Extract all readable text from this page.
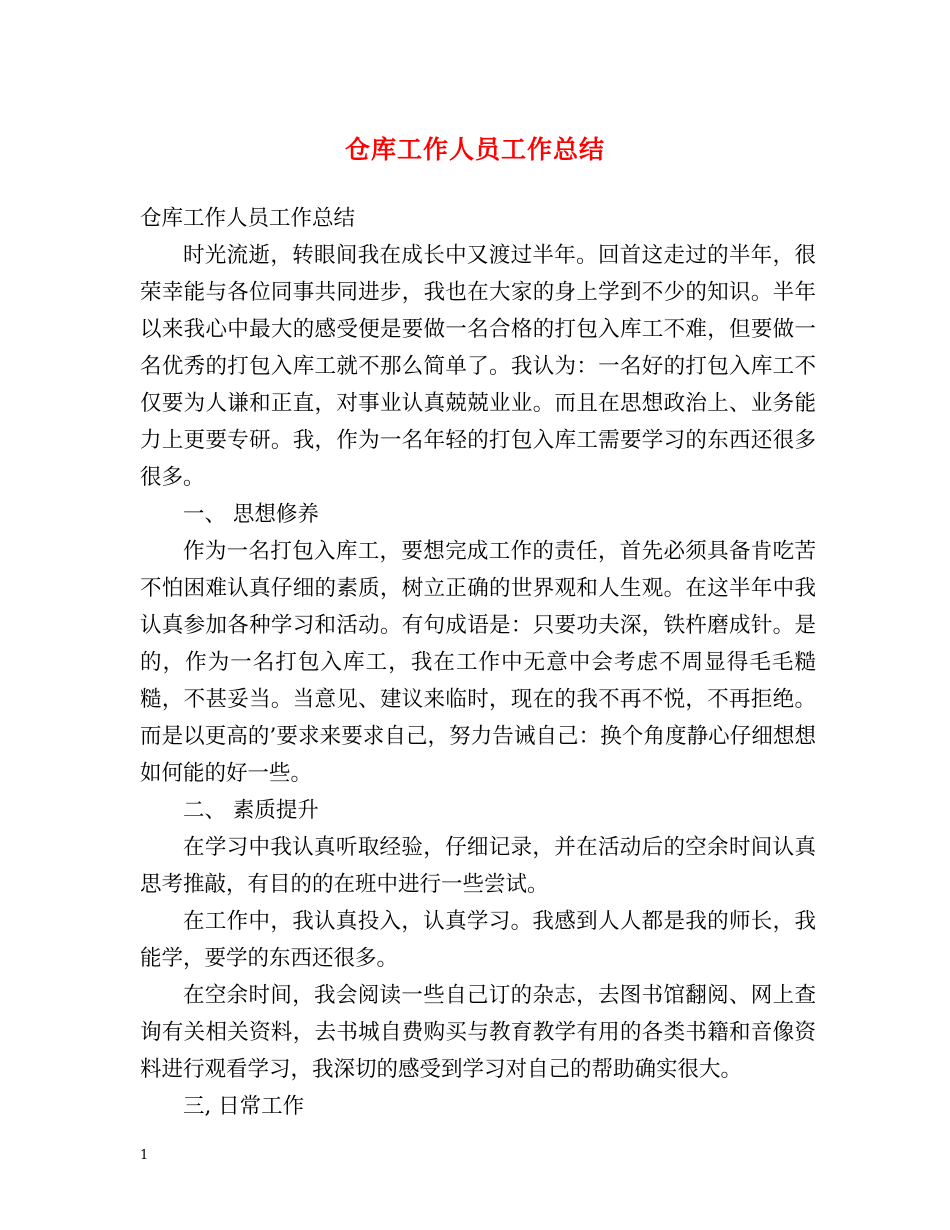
仓库工作人员工作总结

仓库工作人员工作总结

时光流逝，转眼间我在成长中又渡过半年。回首这走过的半年，很荣幸能与各位同事共同进步，我也在大家的身上学到不少的知识。半年以来我心中最大的感受便是要做一名合格的打包入库工不难，但要做一名优秀的打包入库工就不那么简单了。我认为：一名好的打包入库工不仅要为人谦和正直，对事业认真兢兢业业。而且在思想政治上、业务能力上更要专研。我，作为一名年轻的打包入库工需要学习的东西还很多很多。

一、 思想修养

作为一名打包入库工，要想完成工作的责任，首先必须具备肯吃苦不怕困难认真仔细的素质，树立正确的世界观和人生观。在这半年中我认真参加各种学习和活动。有句成语是：只要功夫深，铁杵磨成针。是的，作为一名打包入库工，我在工作中无意中会考虑不周显得毛毛糙糙，不甚妥当。当意见、建议来临时，现在的我不再不悦，不再拒绝。而是以更高的’要求来要求自己，努力告诫自己：换个角度静心仔细想想如何能的好一些。

二、 素质提升

在学习中我认真听取经验，仔细记录，并在活动后的空余时间认真思考推敲，有目的的在班中进行一些尝试。

在工作中，我认真投入，认真学习。我感到人人都是我的师长，我能学，要学的东西还很多。

在空余时间，我会阅读一些自己订的杂志，去图书馆翻阅、网上查询有关相关资料，去书城自费购买与教育教学有用的各类书籍和音像资料进行观看学习，我深切的感受到学习对自己的帮助确实很大。

三, 日常工作

1
